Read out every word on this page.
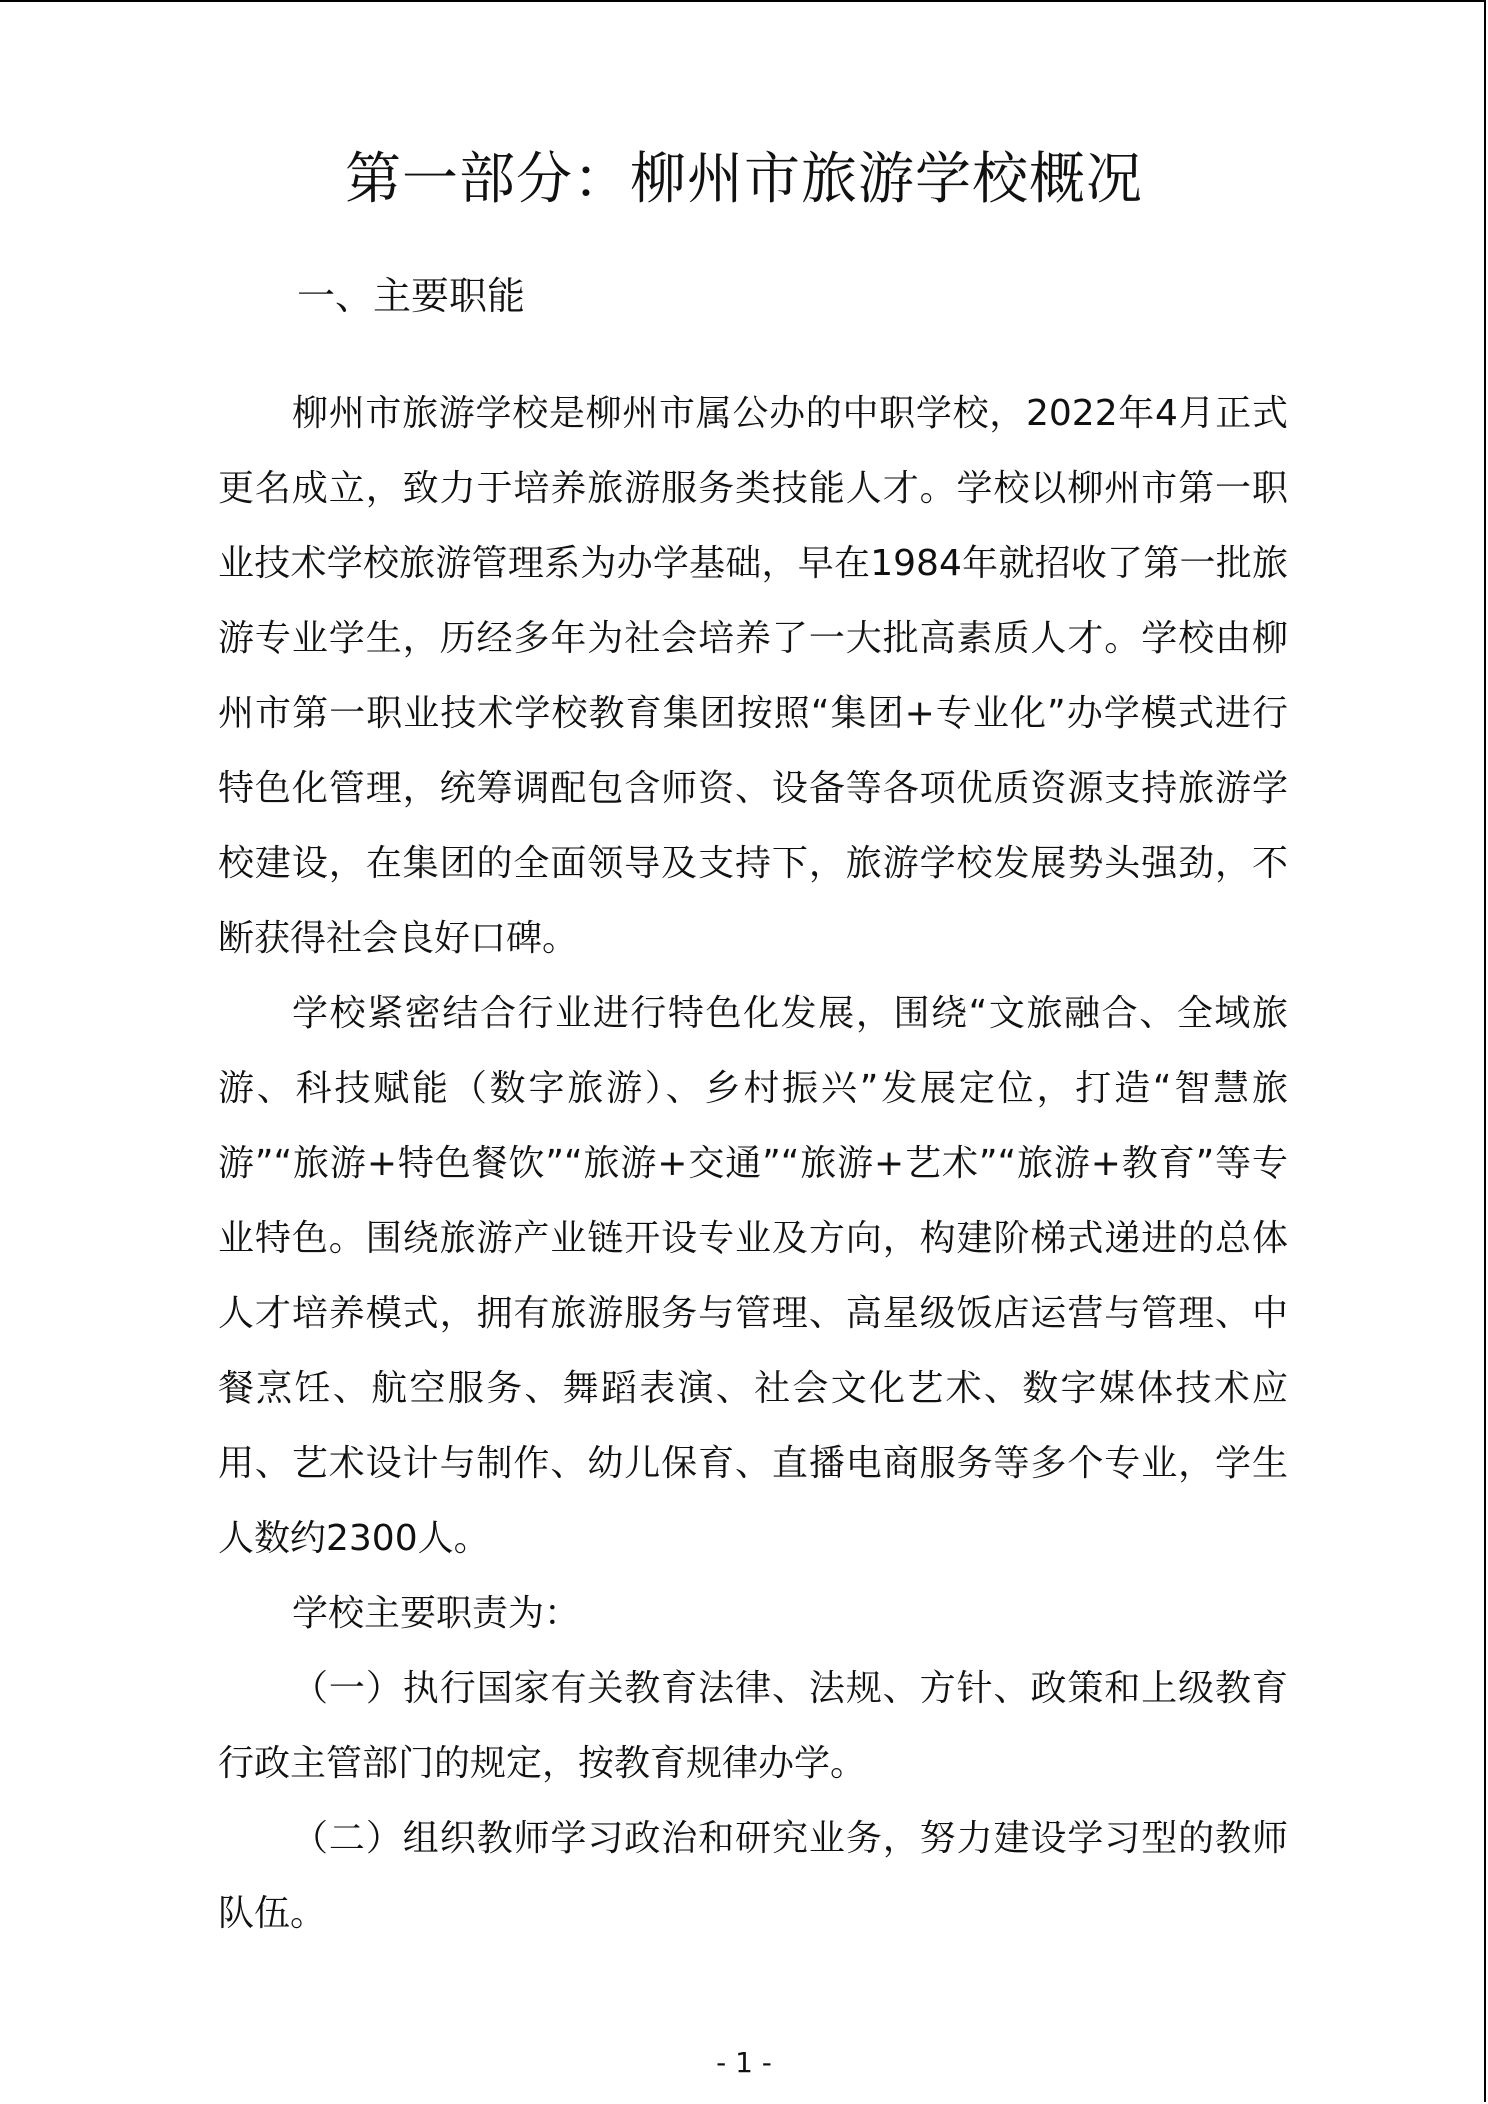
第一部分：柳州市旅游学校概况
一、主要职能

柳州市旅游学校是柳州市属公办的中职学校，2022年4月正式更名成立，致力于培养旅游服务类技能人才。学校以柳州市第一职业技术学校旅游管理系为办学基础，早在1984年就招收了第一批旅游专业学生，历经多年为社会培养了一大批高素质人才。学校由柳州市第一职业技术学校教育集团按照“集团+专业化”办学模式进行特色化管理，统筹调配包含师资、设备等各项优质资源支持旅游学校建设，在集团的全面领导及支持下，旅游学校发展势头强劲，不断获得社会良好口碑。

学校紧密结合行业进行特色化发展，围绕“文旅融合、全域旅游、科技赋能（数字旅游）、乡村振兴”发展定位，打造“智慧旅游”“旅游+特色餐饮”“旅游+交通”“旅游+艺术”“旅游+教育”等专业特色。围绕旅游产业链开设专业及方向，构建阶梯式递进的总体人才培养模式，拥有旅游服务与管理、高星级饭店运营与管理、中餐烹饪、航空服务、舞蹈表演、社会文化艺术、数字媒体技术应用、艺术设计与制作、幼儿保育、直播电商服务等多个专业，学生人数约2300人。

学校主要职责为：

（一）执行国家有关教育法律、法规、方针、政策和上级教育行政主管部门的规定，按教育规律办学。

（二）组织教师学习政治和研究业务，努力建设学习型的教师队伍。

- 1 -
